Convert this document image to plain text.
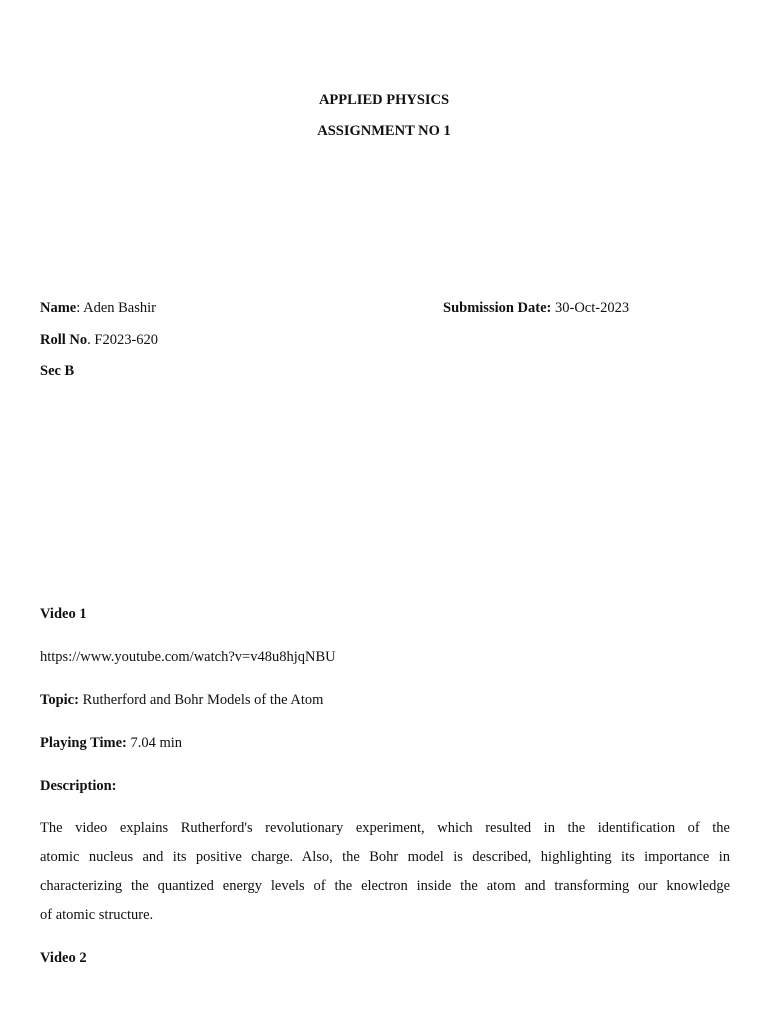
APPLIED PHYSICS
ASSIGNMENT NO 1
Name: Aden Bashir	Submission Date: 30-Oct-2023
Roll No. F2023-620
Sec B
Video 1
https://www.youtube.com/watch?v=v48u8hjqNBU
Topic: Rutherford and Bohr Models of the Atom
Playing Time: 7.04 min
Description:
The video explains Rutherford's revolutionary experiment, which resulted in the identification of the
atomic nucleus and its positive charge. Also, the Bohr model is described, highlighting its importance in
characterizing the quantized energy levels of the electron inside the atom and transforming our knowledge
of atomic structure.
Video 2
